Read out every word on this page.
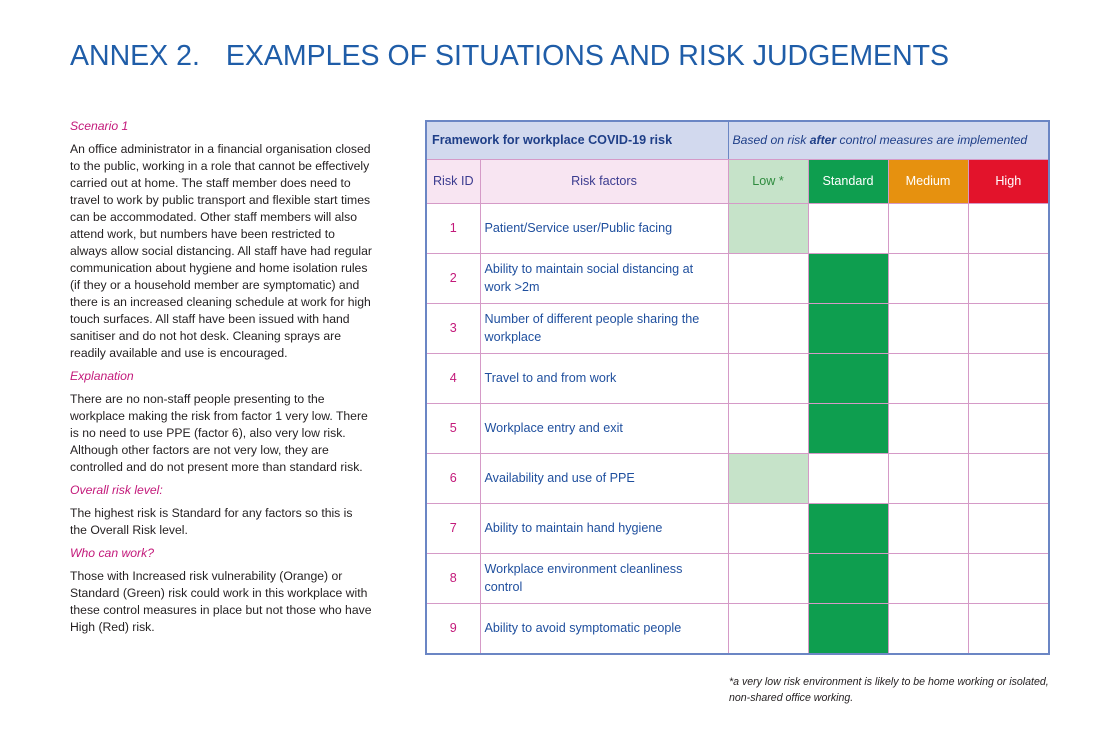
ANNEX 2. EXAMPLES OF SITUATIONS AND RISK JUDGEMENTS
Scenario 1

An office administrator in a financial organisation closed to the public, working in a role that cannot be effectively carried out at home. The staff member does need to travel to work by public transport and flexible start times can be accommodated. Other staff members will also attend work, but numbers have been restricted to always allow social distancing. All staff have had regular communication about hygiene and home isolation rules (if they or a household member are symptomatic) and there is an increased cleaning schedule at work for high touch surfaces. All staff have been issued with hand sanitiser and do not hot desk. Cleaning sprays are readily available and use is encouraged.

Explanation

There are no non-staff people presenting to the workplace making the risk from factor 1 very low. There is no need to use PPE (factor 6), also very low risk. Although other factors are not very low, they are controlled and do not present more than standard risk.

Overall risk level:

The highest risk is Standard for any factors so this is the Overall Risk level.

Who can work?

Those with Increased risk vulnerability (Orange) or Standard (Green) risk could work in this workplace with these control measures in place but not those who have High (Red) risk.

Framework for workplace COVID-19 risk		Based on risk after control measures are implemented			
Risk ID	Risk factors	Low *	Standard	Medium	High
1	Patient/Service user/Public facing				
2	Ability to maintain social distancing at work >2m				
3	Number of different people sharing the workplace				
4	Travel to and from work				
5	Workplace entry and exit				
6	Availability and use of PPE				
7	Ability to maintain hand hygiene				
8	Workplace environment cleanliness control				
9	Ability to avoid symptomatic people				
*a very low risk environment is likely to be home working or isolated,
non-shared office working.
